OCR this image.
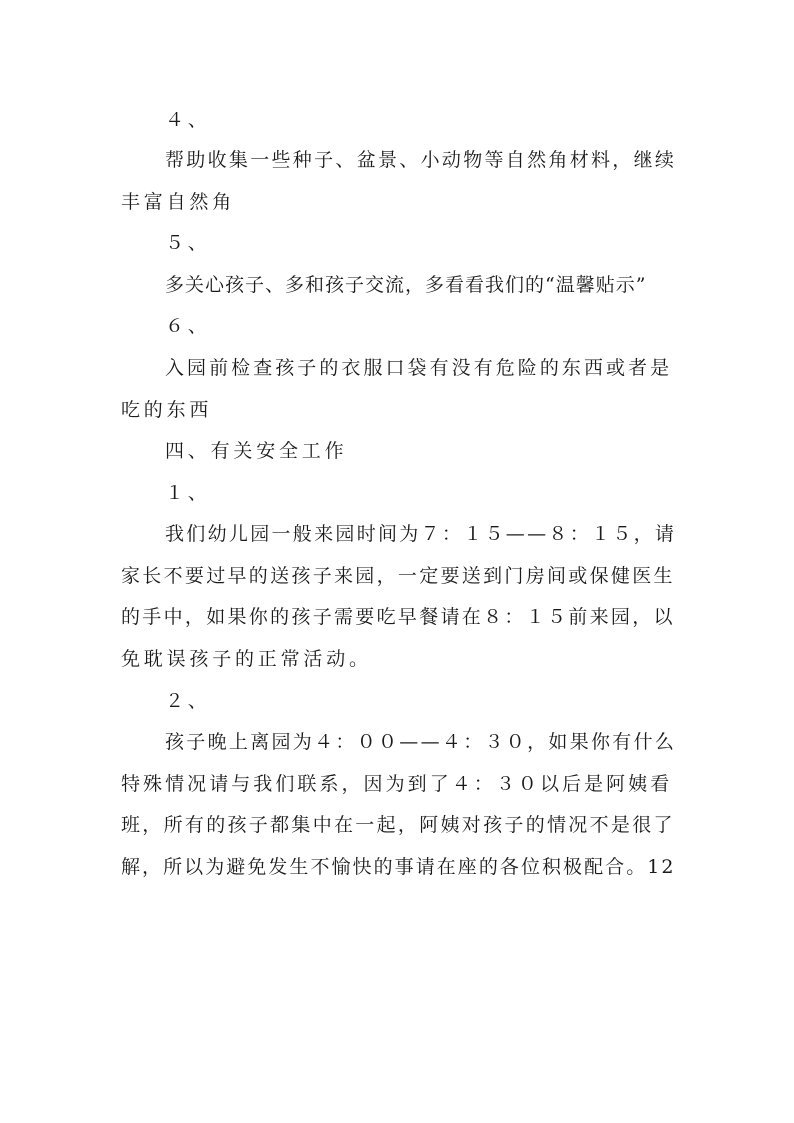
４、

帮助收集一些种子、盆景、小动物等自然角材料，继续

丰富自然角

５、

多关心孩子、多和孩子交流，多看看我们的“温馨贴示”

６、

入园前检查孩子的衣服口袋有没有危险的东西或者是

吃的东西

四、有关安全工作

１、

我们幼儿园一般来园时间为７：１５——８：１５，请

家长不要过早的送孩子来园，一定要送到门房间或保健医生

的手中，如果你的孩子需要吃早餐请在８：１５前来园，以

免耽误孩子的正常活动。

２、

孩子晚上离园为４：００——４：３０，如果你有什么

特殊情况请与我们联系，因为到了４：３０以后是阿姨看

班，所有的孩子都集中在一起，阿姨对孩子的情况不是很了

解，所以为避免发生不愉快的事请在座的各位积极配合。12
